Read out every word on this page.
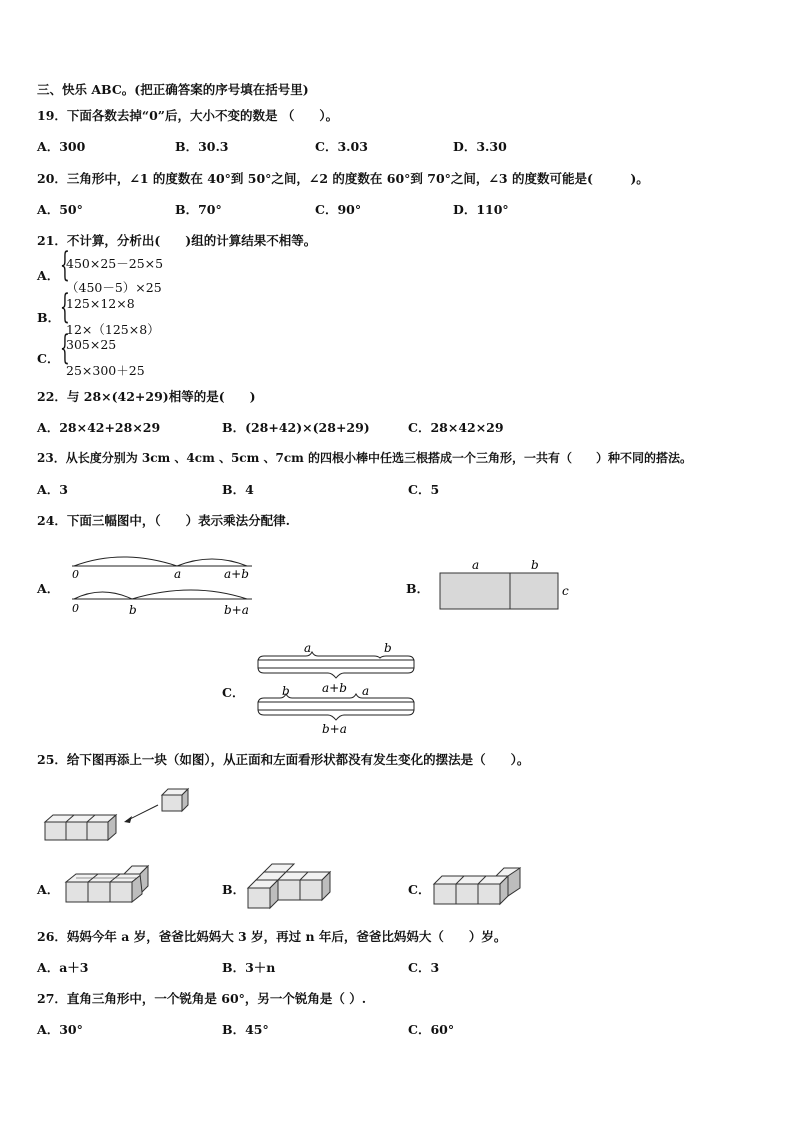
三、快乐 ABC。(把正确答案的序号填在括号里)
19．下面各数去掉“0”后，大小不变的数是 （　　）。
A．300	B．30.3	C．3.03	D．3.30
20．三角形中，∠1 的度数在 40°到 50°之间，∠2 的度数在 60°到 70°之间，∠3 的度数可能是(　　　)。
A．50°	B．70°	C．90°	D．110°
21．不计算，分析出(　　)组的计算结果不相等。
A． {
450×25－25×5
（450－5）×25
B． {
125×12×8
12×（125×8）
C． {
305×25
25×300＋25
22．与 28×(42+29)相等的是(　　)
A．28×42+28×29	B．(28+42)×(28+29)	C．28×42×29
23．从长度分别为 3cm 、4cm 、5cm 、7cm 的四根小棒中任选三根搭成一个三角形，一共有（　　）种不同的搭法。
A．3	B．4	C．5
24．下面三幅图中，（　　）表示乘法分配律.
A．
0	a	a+b
0	b	b+a
B．
a	b
c
C．
a	b
a+b
b	a
b+a
25．给下图再添上一块（如图），从正面和左面看形状都没有发生变化的摆法是（　　）。
A．	B．	C．
26．妈妈今年 a 岁，爸爸比妈妈大 3 岁，再过 n 年后，爸爸比妈妈大（　　）岁。
A．a＋3	B．3＋n	C．3
27．直角三角形中，一个锐角是 60°，另一个锐角是（ ）.
A．30°	B．45°	C．60°
